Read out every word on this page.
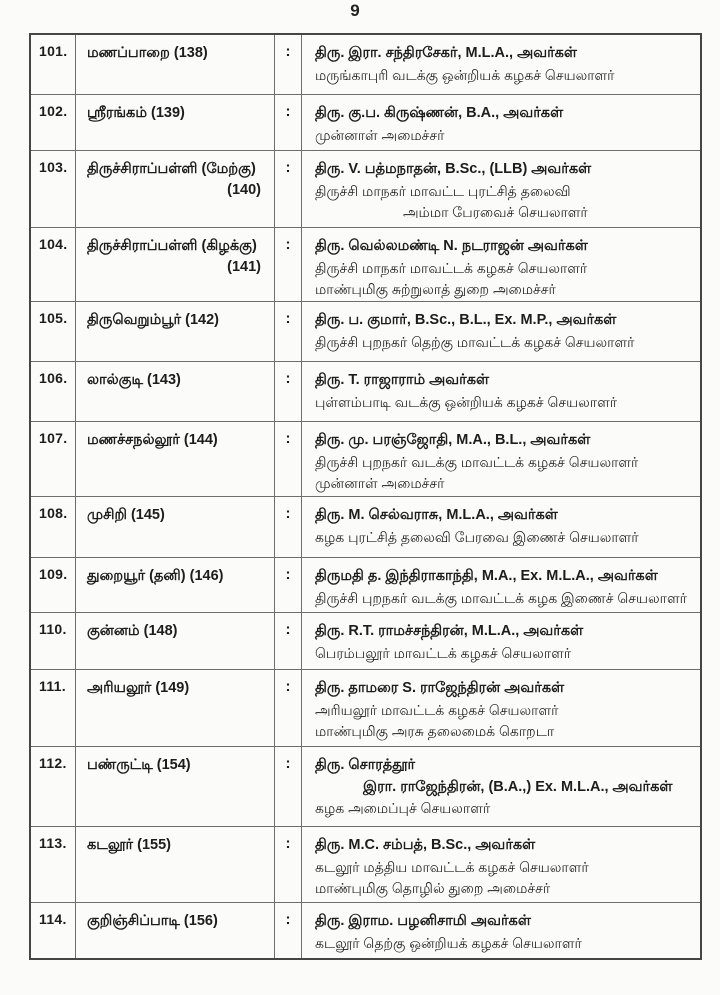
9
101.	மணப்பாறை (138)	:	திரு. இரா. சந்திரசேகர், M.L.A., அவர்கள்
மருங்காபுரி வடக்கு ஒன்றியக் கழகச் செயலாளர்
102.	ஸ்ரீரங்கம் (139)	:	திரு. கு.ப. கிருஷ்ணன், B.A., அவர்கள்
முன்னாள் அமைச்சர்
103.	திருச்சிராப்பள்ளி (மேற்கு)
(140)
:	திரு. V. பத்மநாதன், B.Sc., (LLB) அவர்கள்
திருச்சி மாநகர் மாவட்ட புரட்சித் தலைவி
அம்மா பேரவைச் செயலாளர்
104.	திருச்சிராப்பள்ளி (கிழக்கு)
(141)
:	திரு. வெல்லமண்டி N. நடராஜன் அவர்கள்
திருச்சி மாநகர் மாவட்டக் கழகச் செயலாளர்
மாண்புமிகு சுற்றுலாத் துறை அமைச்சர்
105.	திருவெறும்பூர் (142)	:	திரு. ப. குமார், B.Sc., B.L., Ex. M.P., அவர்கள்
திருச்சி புறநகர் தெற்கு மாவட்டக் கழகச் செயலாளர்
106.	லால்குடி (143)	:	திரு. T. ராஜாராம் அவர்கள்
புள்ளம்பாடி வடக்கு ஒன்றியக் கழகச் செயலாளர்
107.	மணச்சநல்லூர் (144)	:	திரு. மு. பரஞ்ஜோதி, M.A., B.L., அவர்கள்
திருச்சி புறநகர் வடக்கு மாவட்டக் கழகச் செயலாளர்
முன்னாள் அமைச்சர்
108.	முசிறி (145)	:	திரு. M. செல்வராசு, M.L.A., அவர்கள்
கழக புரட்சித் தலைவி பேரவை இணைச் செயலாளர்
109.	துறையூர் (தனி) (146)	:	திருமதி த. இந்திராகாந்தி, M.A., Ex. M.L.A., அவர்கள்
திருச்சி புறநகர் வடக்கு மாவட்டக் கழக இணைச் செயலாளர்
110.	குன்னம் (148)	:	திரு. R.T. ராமச்சந்திரன், M.L.A., அவர்கள்
பெரம்பலூர் மாவட்டக் கழகச் செயலாளர்
111.	அரியலூர் (149)	:	திரு. தாமரை S. ராஜேந்திரன் அவர்கள்
அரியலூர் மாவட்டக் கழகச் செயலாளர்
மாண்புமிகு அரசு தலைமைக் கொறடா
112.	பண்ருட்டி (154)	:	திரு. சொரத்தூர்
இரா. ராஜேந்திரன், (B.A.,) Ex. M.L.A., அவர்கள்
கழக அமைப்புச் செயலாளர்
113.	கடலூர் (155)	:	திரு. M.C. சம்பத், B.Sc., அவர்கள்
கடலூர் மத்திய மாவட்டக் கழகச் செயலாளர்
மாண்புமிகு தொழில் துறை அமைச்சர்
114.	குறிஞ்சிப்பாடி (156)	:	திரு. இராம. பழனிசாமி அவர்கள்
கடலூர் தெற்கு ஒன்றியக் கழகச் செயலாளர்
